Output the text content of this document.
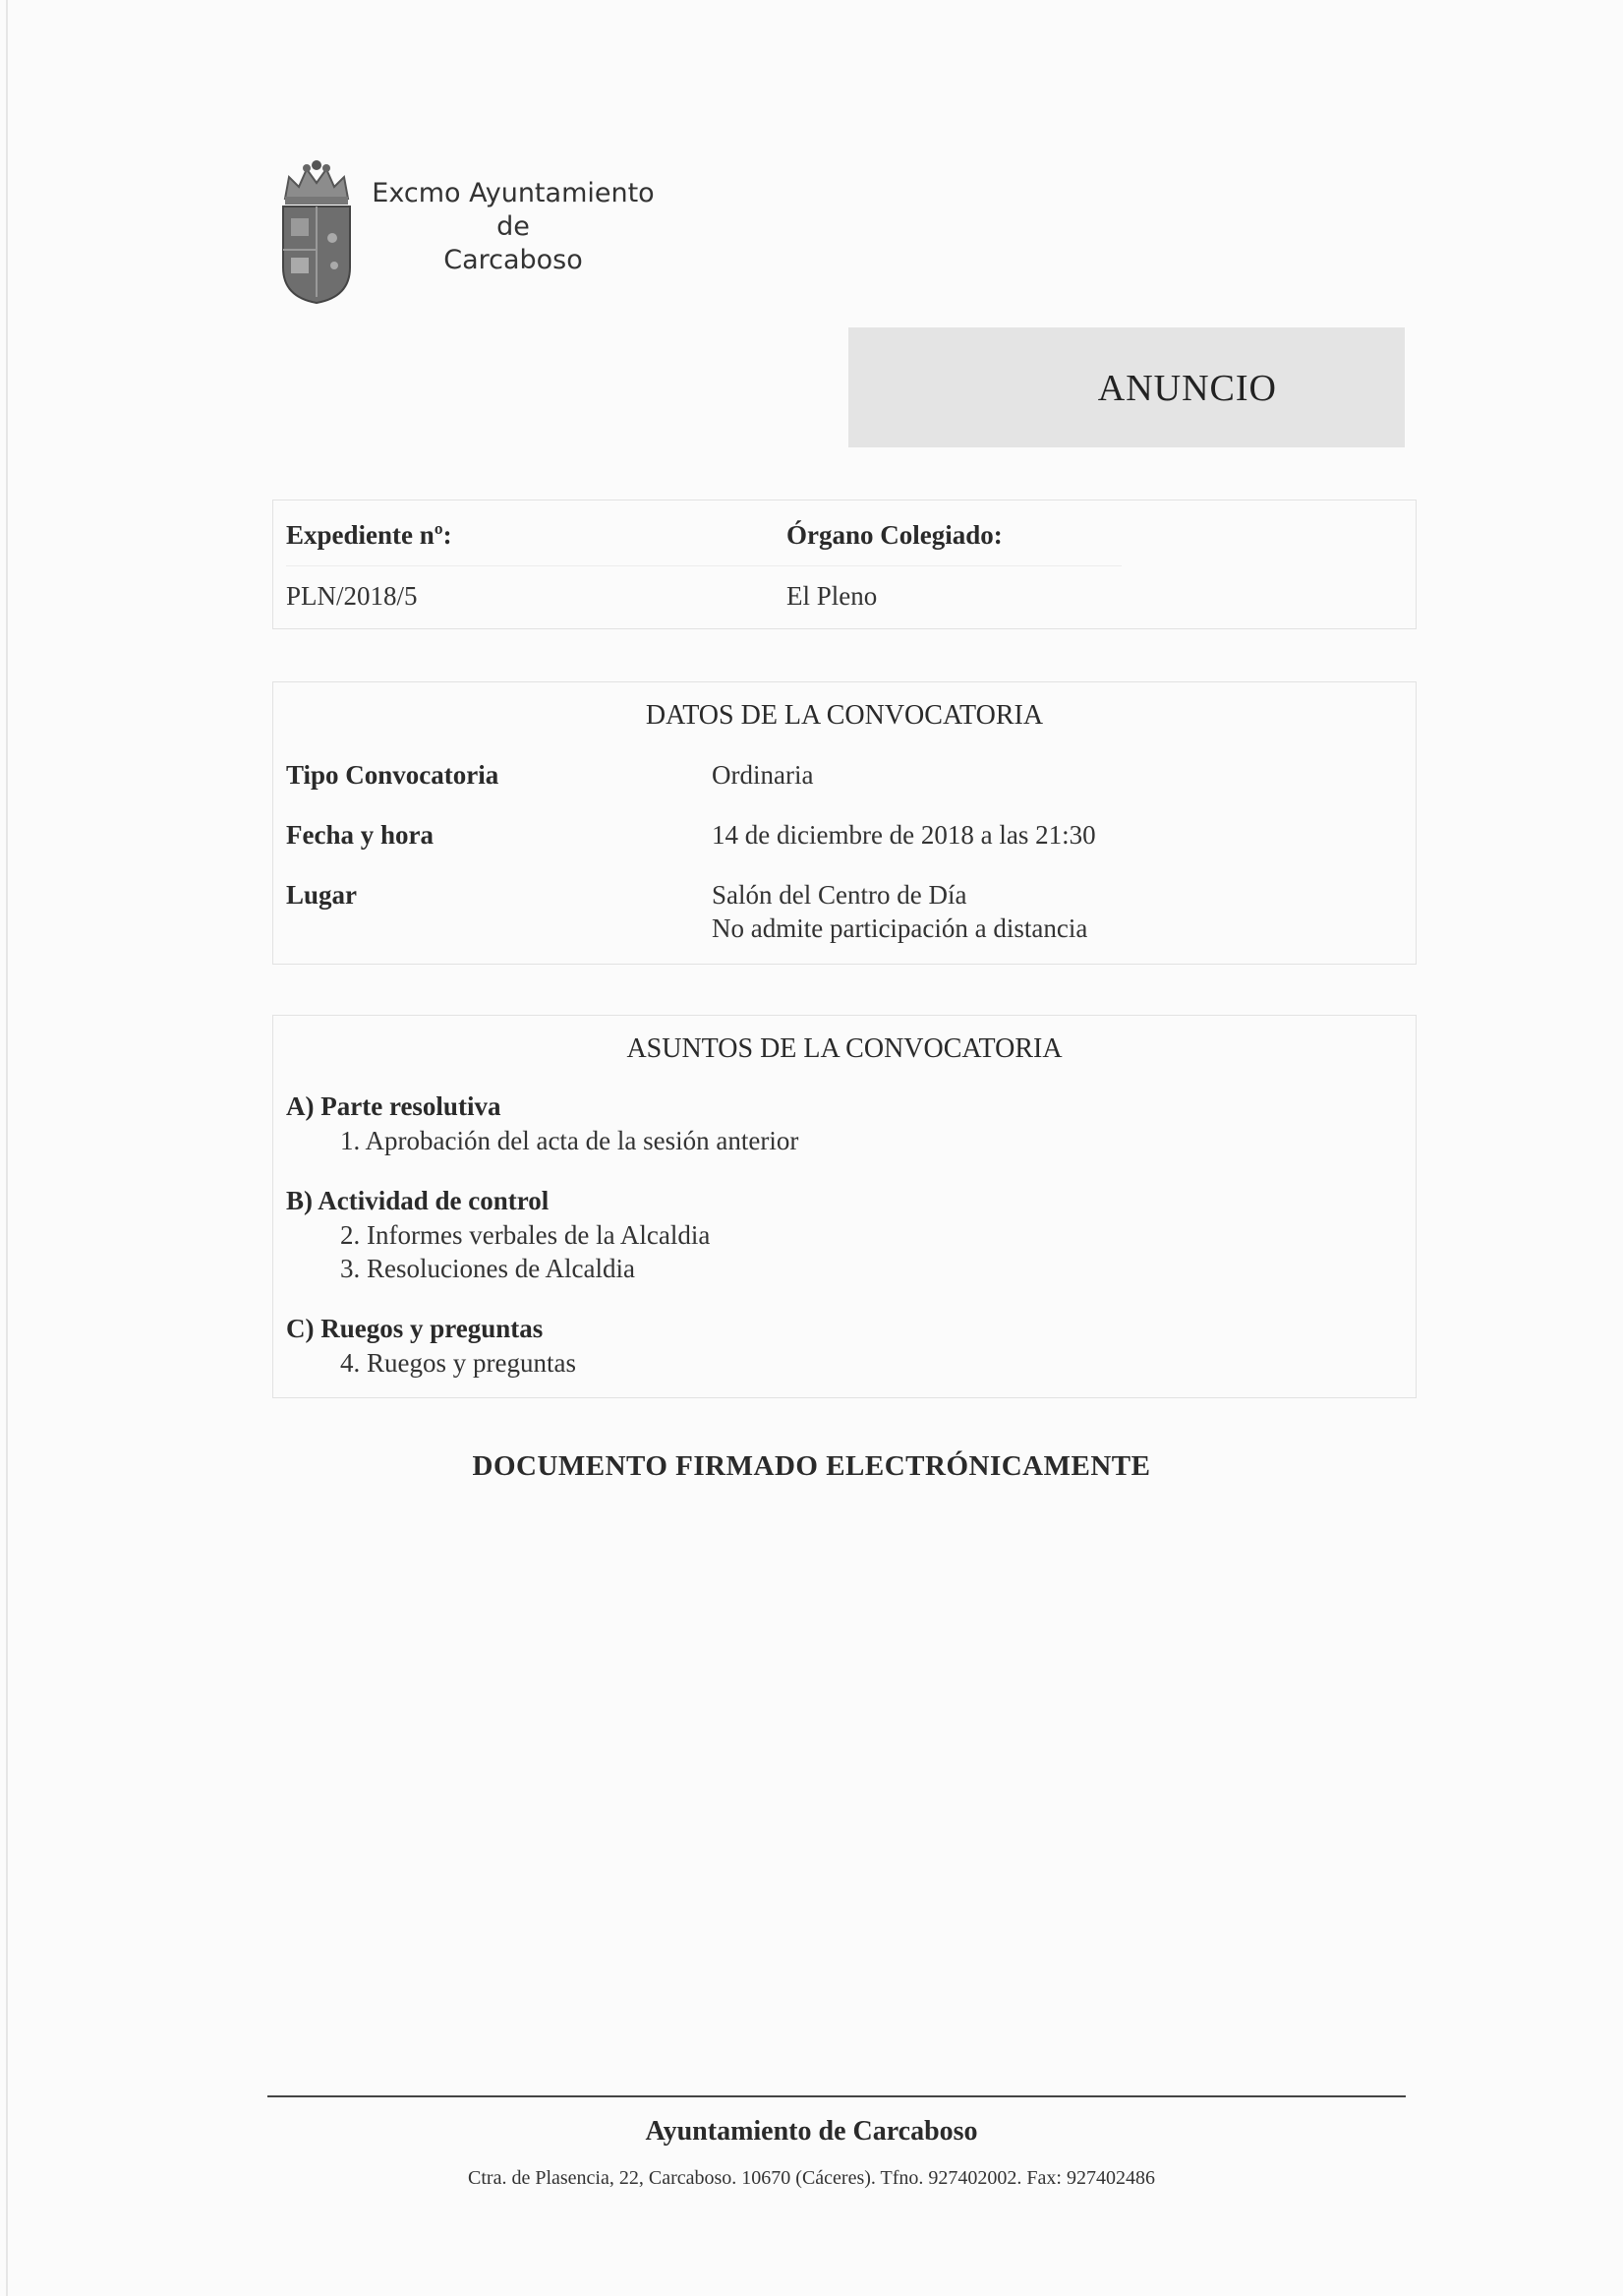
Excmo Ayuntamiento
de
Carcaboso
ANUNCIO
Expediente nº:	Órgano Colegiado:
PLN/2018/5	El Pleno
DATOS DE LA CONVOCATORIA
Tipo Convocatoria	Ordinaria
Fecha y hora	14 de diciembre de 2018 a las 21:30
Lugar	Salón del Centro de Día
No admite participación a distancia
ASUNTOS DE LA CONVOCATORIA
A) Parte resolutiva
1. Aprobación del acta de la sesión anterior
B) Actividad de control
2. Informes verbales de la Alcaldia
3. Resoluciones de Alcaldia
C) Ruegos y preguntas
4. Ruegos y preguntas
DOCUMENTO FIRMADO ELECTRÓNICAMENTE
Ayuntamiento de Carcaboso
Ctra. de Plasencia, 22, Carcaboso. 10670 (Cáceres). Tfno. 927402002. Fax: 927402486
